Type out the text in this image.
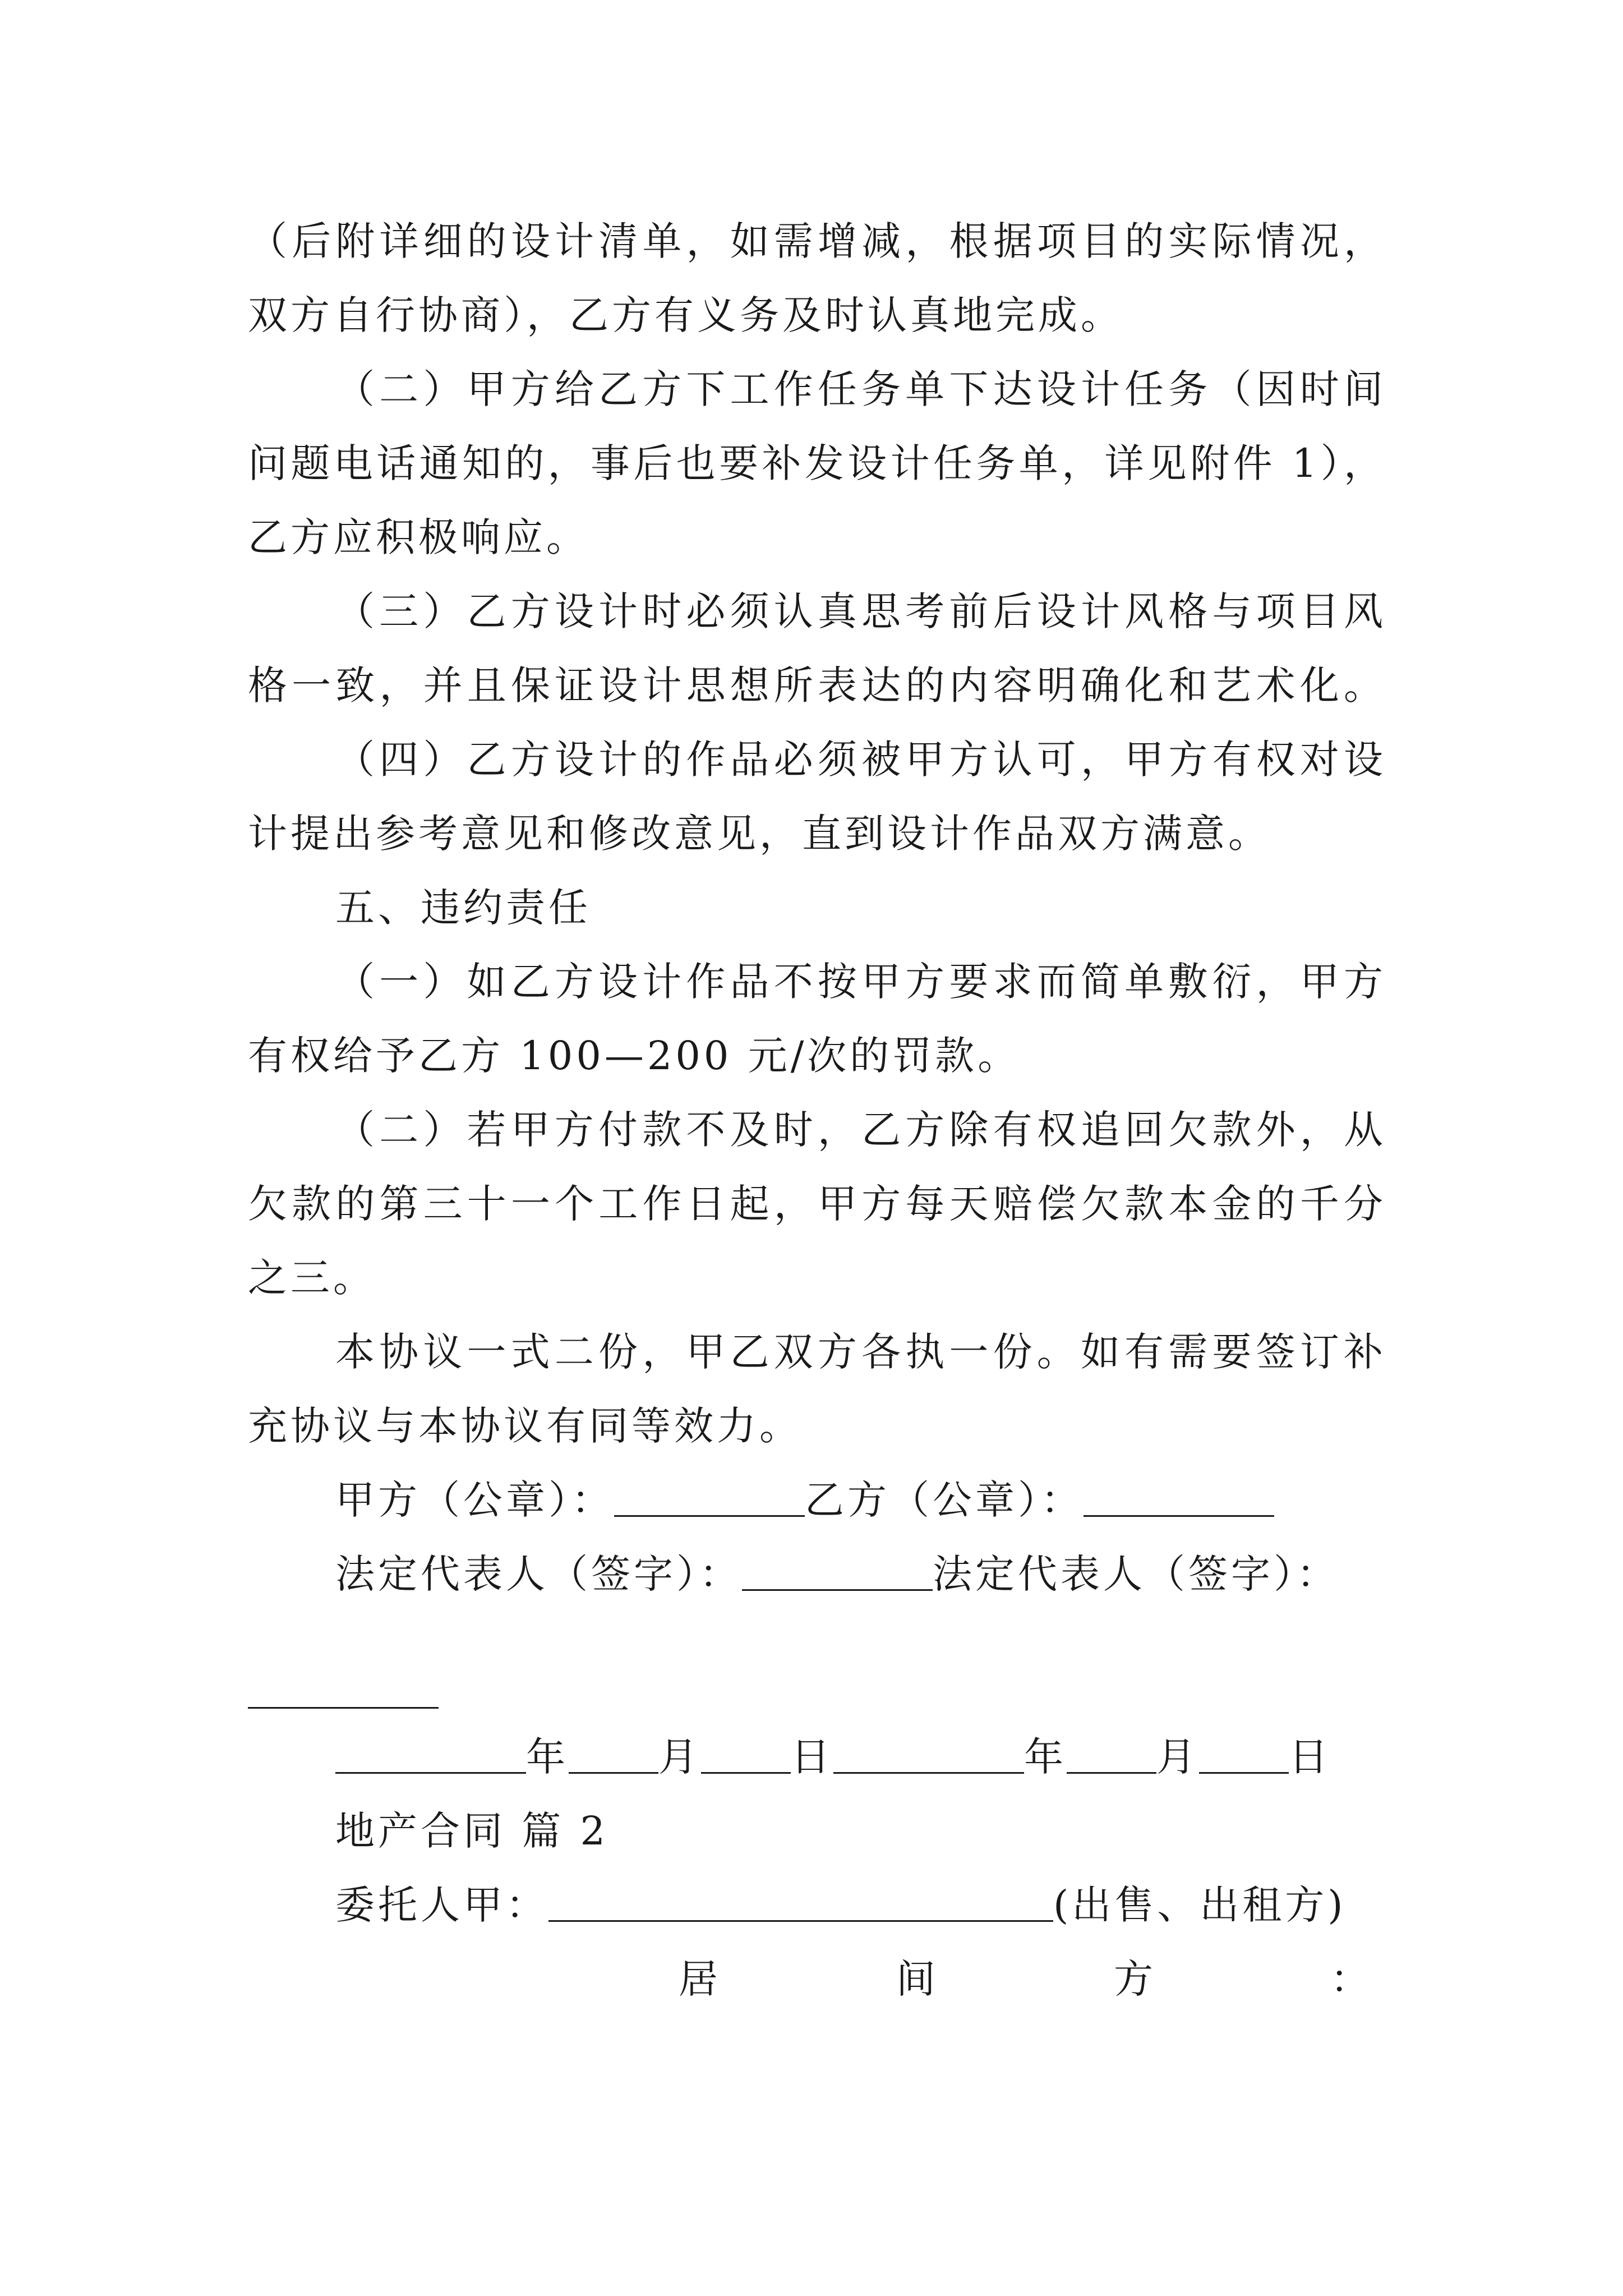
（后附详细的设计清单，如需增减，根据项目的实际情况，
双方自行协商），乙方有义务及时认真地完成。
（二）甲方给乙方下工作任务单下达设计任务（因时间
问题电话通知的，事后也要补发设计任务单，详见附件 1），
乙方应积极响应。
（三）乙方设计时必须认真思考前后设计风格与项目风
格一致，并且保证设计思想所表达的内容明确化和艺术化。
（四）乙方设计的作品必须被甲方认可，甲方有权对设
计提出参考意见和修改意见，直到设计作品双方满意。
五、违约责任
（一）如乙方设计作品不按甲方要求而简单敷衍，甲方
有权给予乙方 100—200 元/次的罚款。
（二）若甲方付款不及时，乙方除有权追回欠款外，从
欠款的第三十一个工作日起，甲方每天赔偿欠款本金的千分
之三。
本协议一式二份，甲乙双方各执一份。如有需要签订补
充协议与本协议有同等效力。
甲方（公章）：	乙方（公章）：
法定代表人（签字）：	法定代表人（签字）：
年 月 日	年 月 日
地产合同 篇 2
委托人甲：	(出售、出租方)
居	间	方	：
